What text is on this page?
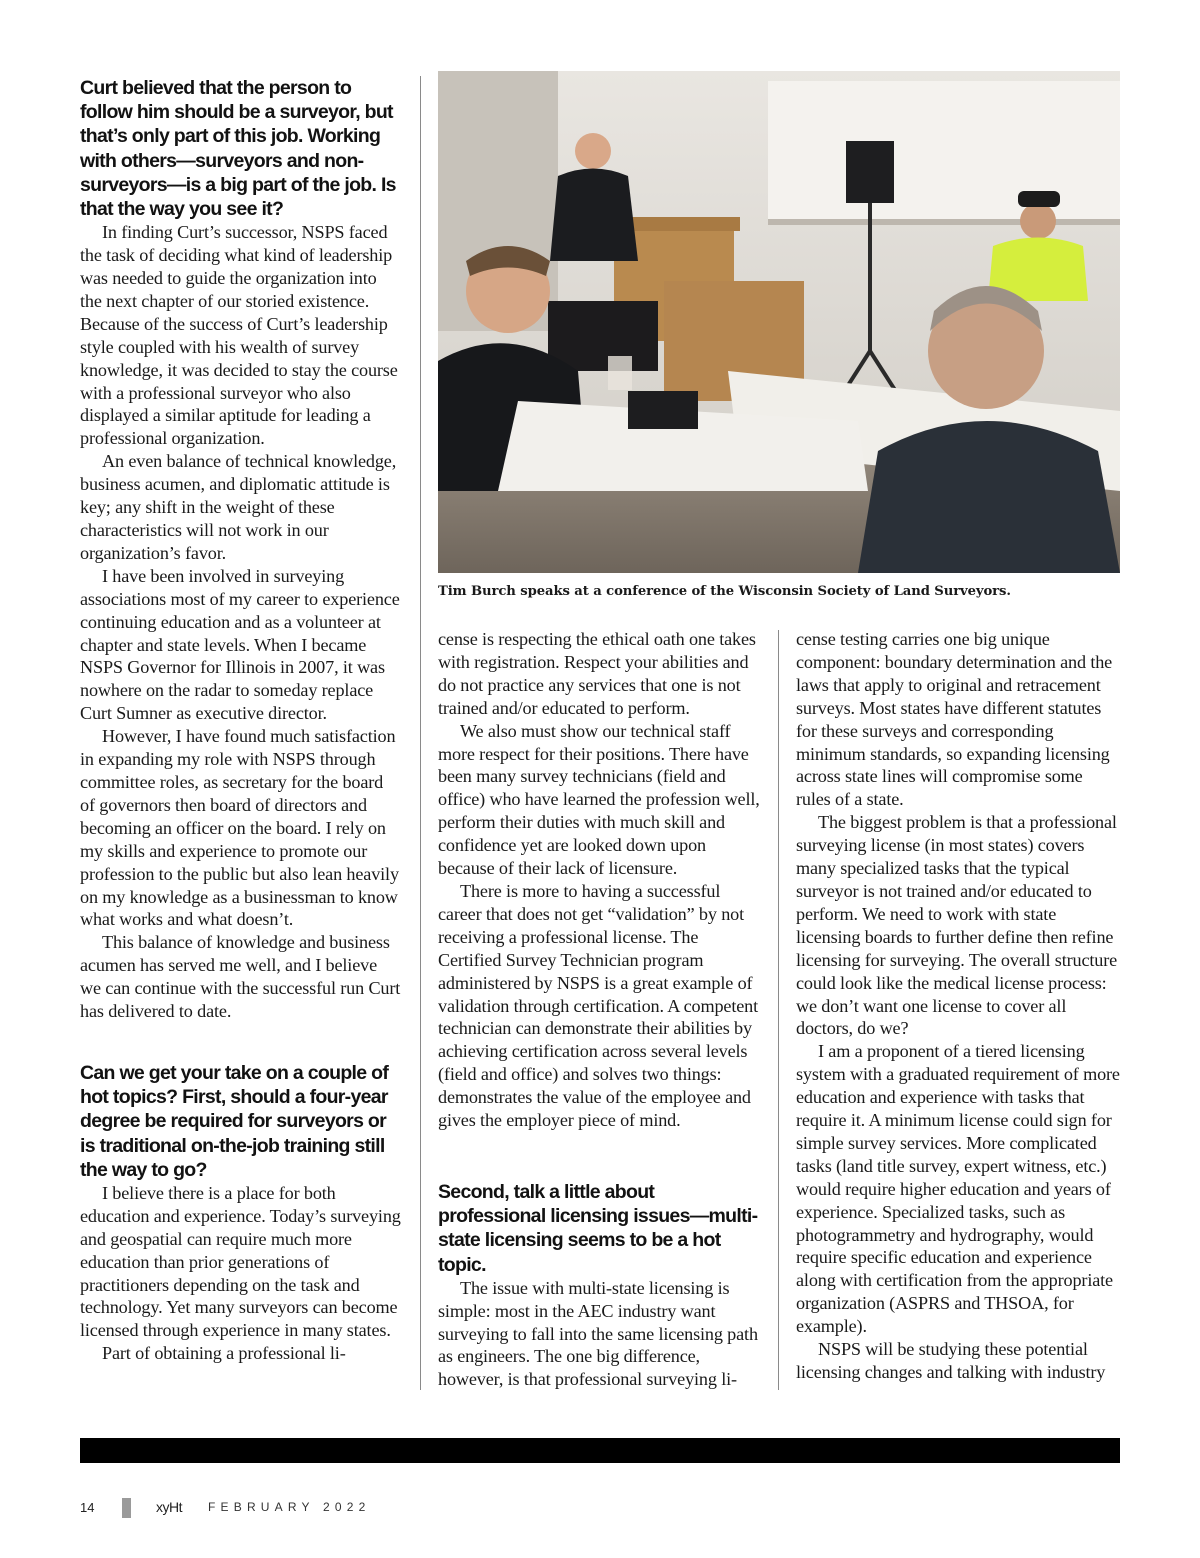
Curt believed that the person to follow him should be a surveyor, but that’s only part of this job. Working with others—surveyors and non-surveyors—is a big part of the job. Is that the way you see it?

In finding Curt’s successor, NSPS faced the task of deciding what kind of leadership was needed to guide the organization into the next chapter of our storied existence. Because of the success of Curt’s leadership style coupled with his wealth of survey knowledge, it was decided to stay the course with a professional surveyor who also displayed a similar aptitude for leading a professional organization.

An even balance of technical knowledge, business acumen, and diplomatic attitude is key; any shift in the weight of these characteristics will not work in our organization’s favor.

I have been involved in surveying associations most of my career to experience continuing education and as a volunteer at chapter and state levels. When I became NSPS Governor for Illinois in 2007, it was nowhere on the radar to someday replace Curt Sumner as executive director.

However, I have found much satisfaction in expanding my role with NSPS through committee roles, as secretary for the board of governors then board of directors and becoming an officer on the board. I rely on my skills and experience to promote our profession to the public but also lean heavily on my knowledge as a businessman to know what works and what doesn’t.

This balance of knowledge and business acumen has served me well, and I believe we can continue with the successful run Curt has delivered to date.

Can we get your take on a couple of hot topics? First, should a four-year degree be required for surveyors or is traditional on-the-job training still the way to go?

I believe there is a place for both education and experience. Today’s surveying and geospatial can require much more education than prior generations of practitioners depending on the task and technology. Yet many surveyors can become licensed through experience in many states.

Part of obtaining a professional li-

Tim Burch speaks at a conference of the Wisconsin Society of Land Surveyors.

cense is respecting the ethical oath one takes with registration. Respect your abilities and do not practice any services that one is not trained and/or educated to perform.

We also must show our technical staff more respect for their positions. There have been many survey technicians (field and office) who have learned the profession well, perform their duties with much skill and confidence yet are looked down upon because of their lack of licensure.

There is more to having a successful career that does not get “validation” by not receiving a professional license. The Certified Survey Technician program administered by NSPS is a great example of validation through certification. A competent technician can demonstrate their abilities by achieving certification across several levels (field and office) and solves two things: demonstrates the value of the employee and gives the employer piece of mind.

Second, talk a little about professional licensing issues—multi-state licensing seems to be a hot topic.

The issue with multi-state licensing is simple: most in the AEC industry want surveying to fall into the same licensing path as engineers. The one big difference, however, is that professional surveying li-

cense testing carries one big unique component: boundary determination and the laws that apply to original and retracement surveys. Most states have different statutes for these surveys and corresponding minimum standards, so expanding licensing across state lines will compromise some rules of a state.

The biggest problem is that a professional surveying license (in most states) covers many specialized tasks that the typical surveyor is not trained and/or educated to perform. We need to work with state licensing boards to further define then refine licensing for surveying. The overall structure could look like the medical license process: we don’t want one license to cover all doctors, do we?

I am a proponent of a tiered licensing system with a graduated requirement of more education and experience with tasks that require it. A minimum license could sign for simple survey services. More complicated tasks (land title survey, expert witness, etc.) would require higher education and years of experience. Specialized tasks, such as photogrammetry and hydrography, would require specific education and experience along with certification from the appropriate organization (ASPRS and THSOA, for example).

NSPS will be studying these potential licensing changes and talking with industry

14	xyHt FEBRUARY 2022
